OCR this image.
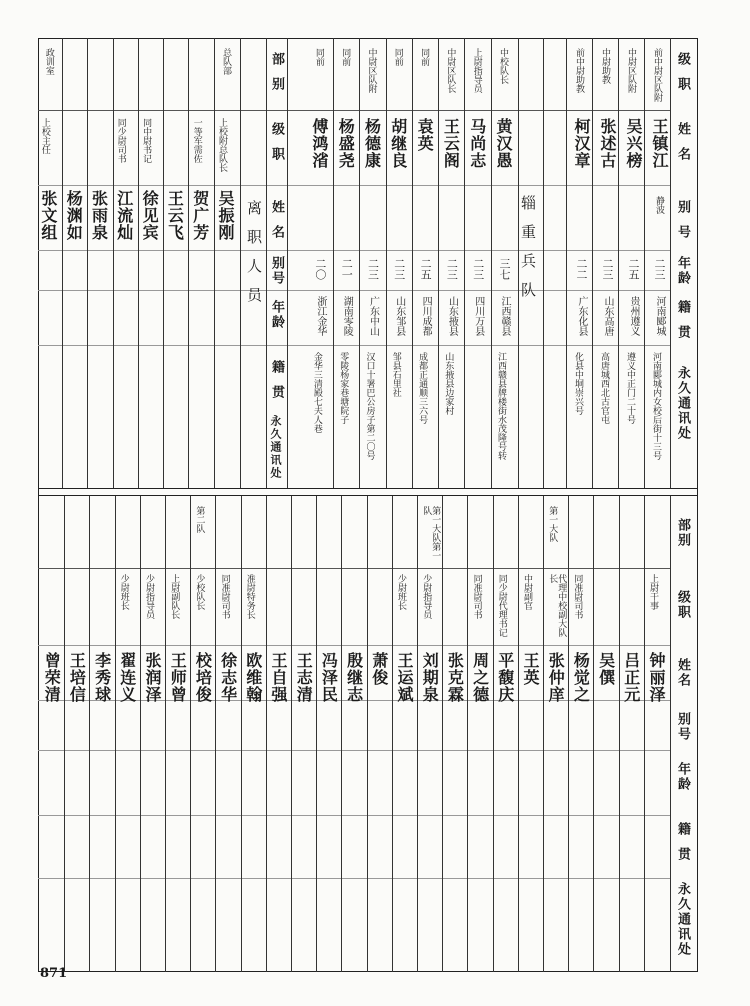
级职
姓名
别号
年龄
籍贯
永久通讯处
前中尉区队附
王镇江
静波
二三
河南郾城
河南郾城内女校后街十三号
中尉区队附
吴兴榜
二五
贵州遵义
遵义中正门二十号
中尉助教
张述古
二三
山东高唐
高唐城西北古官屯
前中尉助教
柯汉章
二二
广东化县
化县中垌崇兴号
辎重兵队
中校队长
黄汉愚
三七
江西赣县
江西赣县牌楼街水茂隆号转
上尉指导员
马尚志
二三
四川万县
中尉区队长
王云阁
二三
山东掖县
山东掖县边家村
同前
袁英
二五
四川成都
成都正通顺三六号
同前
胡继良
二三
山东邹县
邹县石里社
中尉区队附
杨德康
二三
广东中山
汉口十署巴公房子第二〇号
同前
杨盛尧
二一
湖南零陵
零陵杨家巷塘院子
同前
傅鸿渻
二〇
浙江金华
金华三清殿七夫人巷
部别
级职
姓名
别号
年龄
籍贯
永久通讯处
离职人员
总队部
上校附总队长
吴振刚
一等军需佐
贺广芳
王云飞
同中尉书记
徐见宾
同少尉司书
江流灿
张雨泉
杨渊如
政训室
上校主任
张文组
部别
级职
姓名
别号
年龄
籍贯
永久通讯处
上尉干事
钟丽泽
吕正元
吴僎
同准尉司书
杨觉之
第一大队
代理中校副大队长
张仲庠
中尉副官
王英
同少尉代理书记
平馥庆
同准尉司书
周之德
张克霖
第一大队第一队
少尉指导员
刘期泉
少尉班长
王运斌
萧俊
殷继志
冯泽民
王志清
王自强
准尉特务长
欧维翰
同准尉司书
徐志华
第二队
少校队长
校培俊
上尉副队长
王师曾
少尉指导员
张润泽
少尉班长
翟连义
李秀球
王培信
曾荣清
871
